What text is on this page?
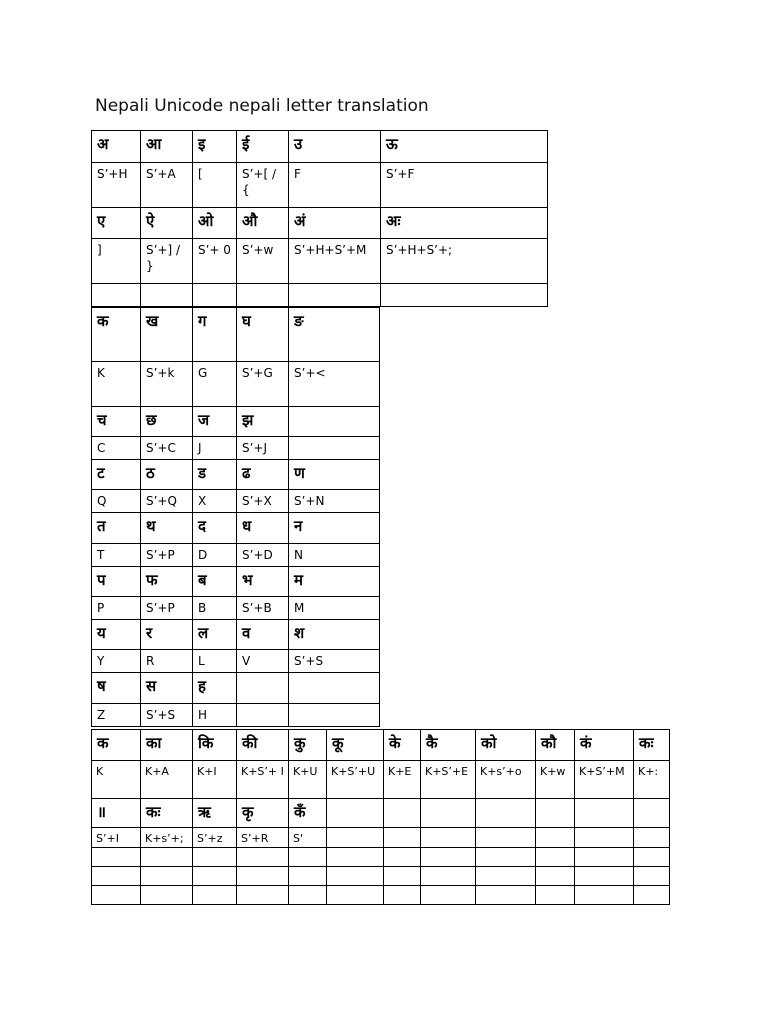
Nepali Unicode nepali letter translation
अ	आ	इ	ई	उ	ऊ
S’+H	S’+A	[	S’+[ / {	F	S’+F
ए	ऐ	ओ	औ	अं	अः
]	S’+] / }	S’+ 0	S’+w	S’+H+S’+M	S’+H+S’+;

क	ख	ग	घ	ङ
K	S’+k	G	S’+G	S’+<
च	छ	ज	झ	
C	S’+C	J	S’+J	
ट	ठ	ड	ढ	ण
Q	S’+Q	X	S’+X	S’+N
त	थ	द	ध	न
T	S’+P	D	S’+D	N
प	फ	ब	भ	म
P	S’+P	B	S’+B	M
य	र	ल	व	श
Y	R	L	V	S’+S
ष	स	ह		
Z	S’+S	H		
क	का	कि	की	कु	कू	के	कै	को	कौ	कं	कः
K	K+A	K+I	K+S’+ I	K+U	K+S’+U	K+E	K+S’+E	K+s’+o	K+w	K+S’+M	K+:
॥	कः	ऋ	कृ	कँ							
S’+I	K+s’+;	S’+z	S’+R	S'							
